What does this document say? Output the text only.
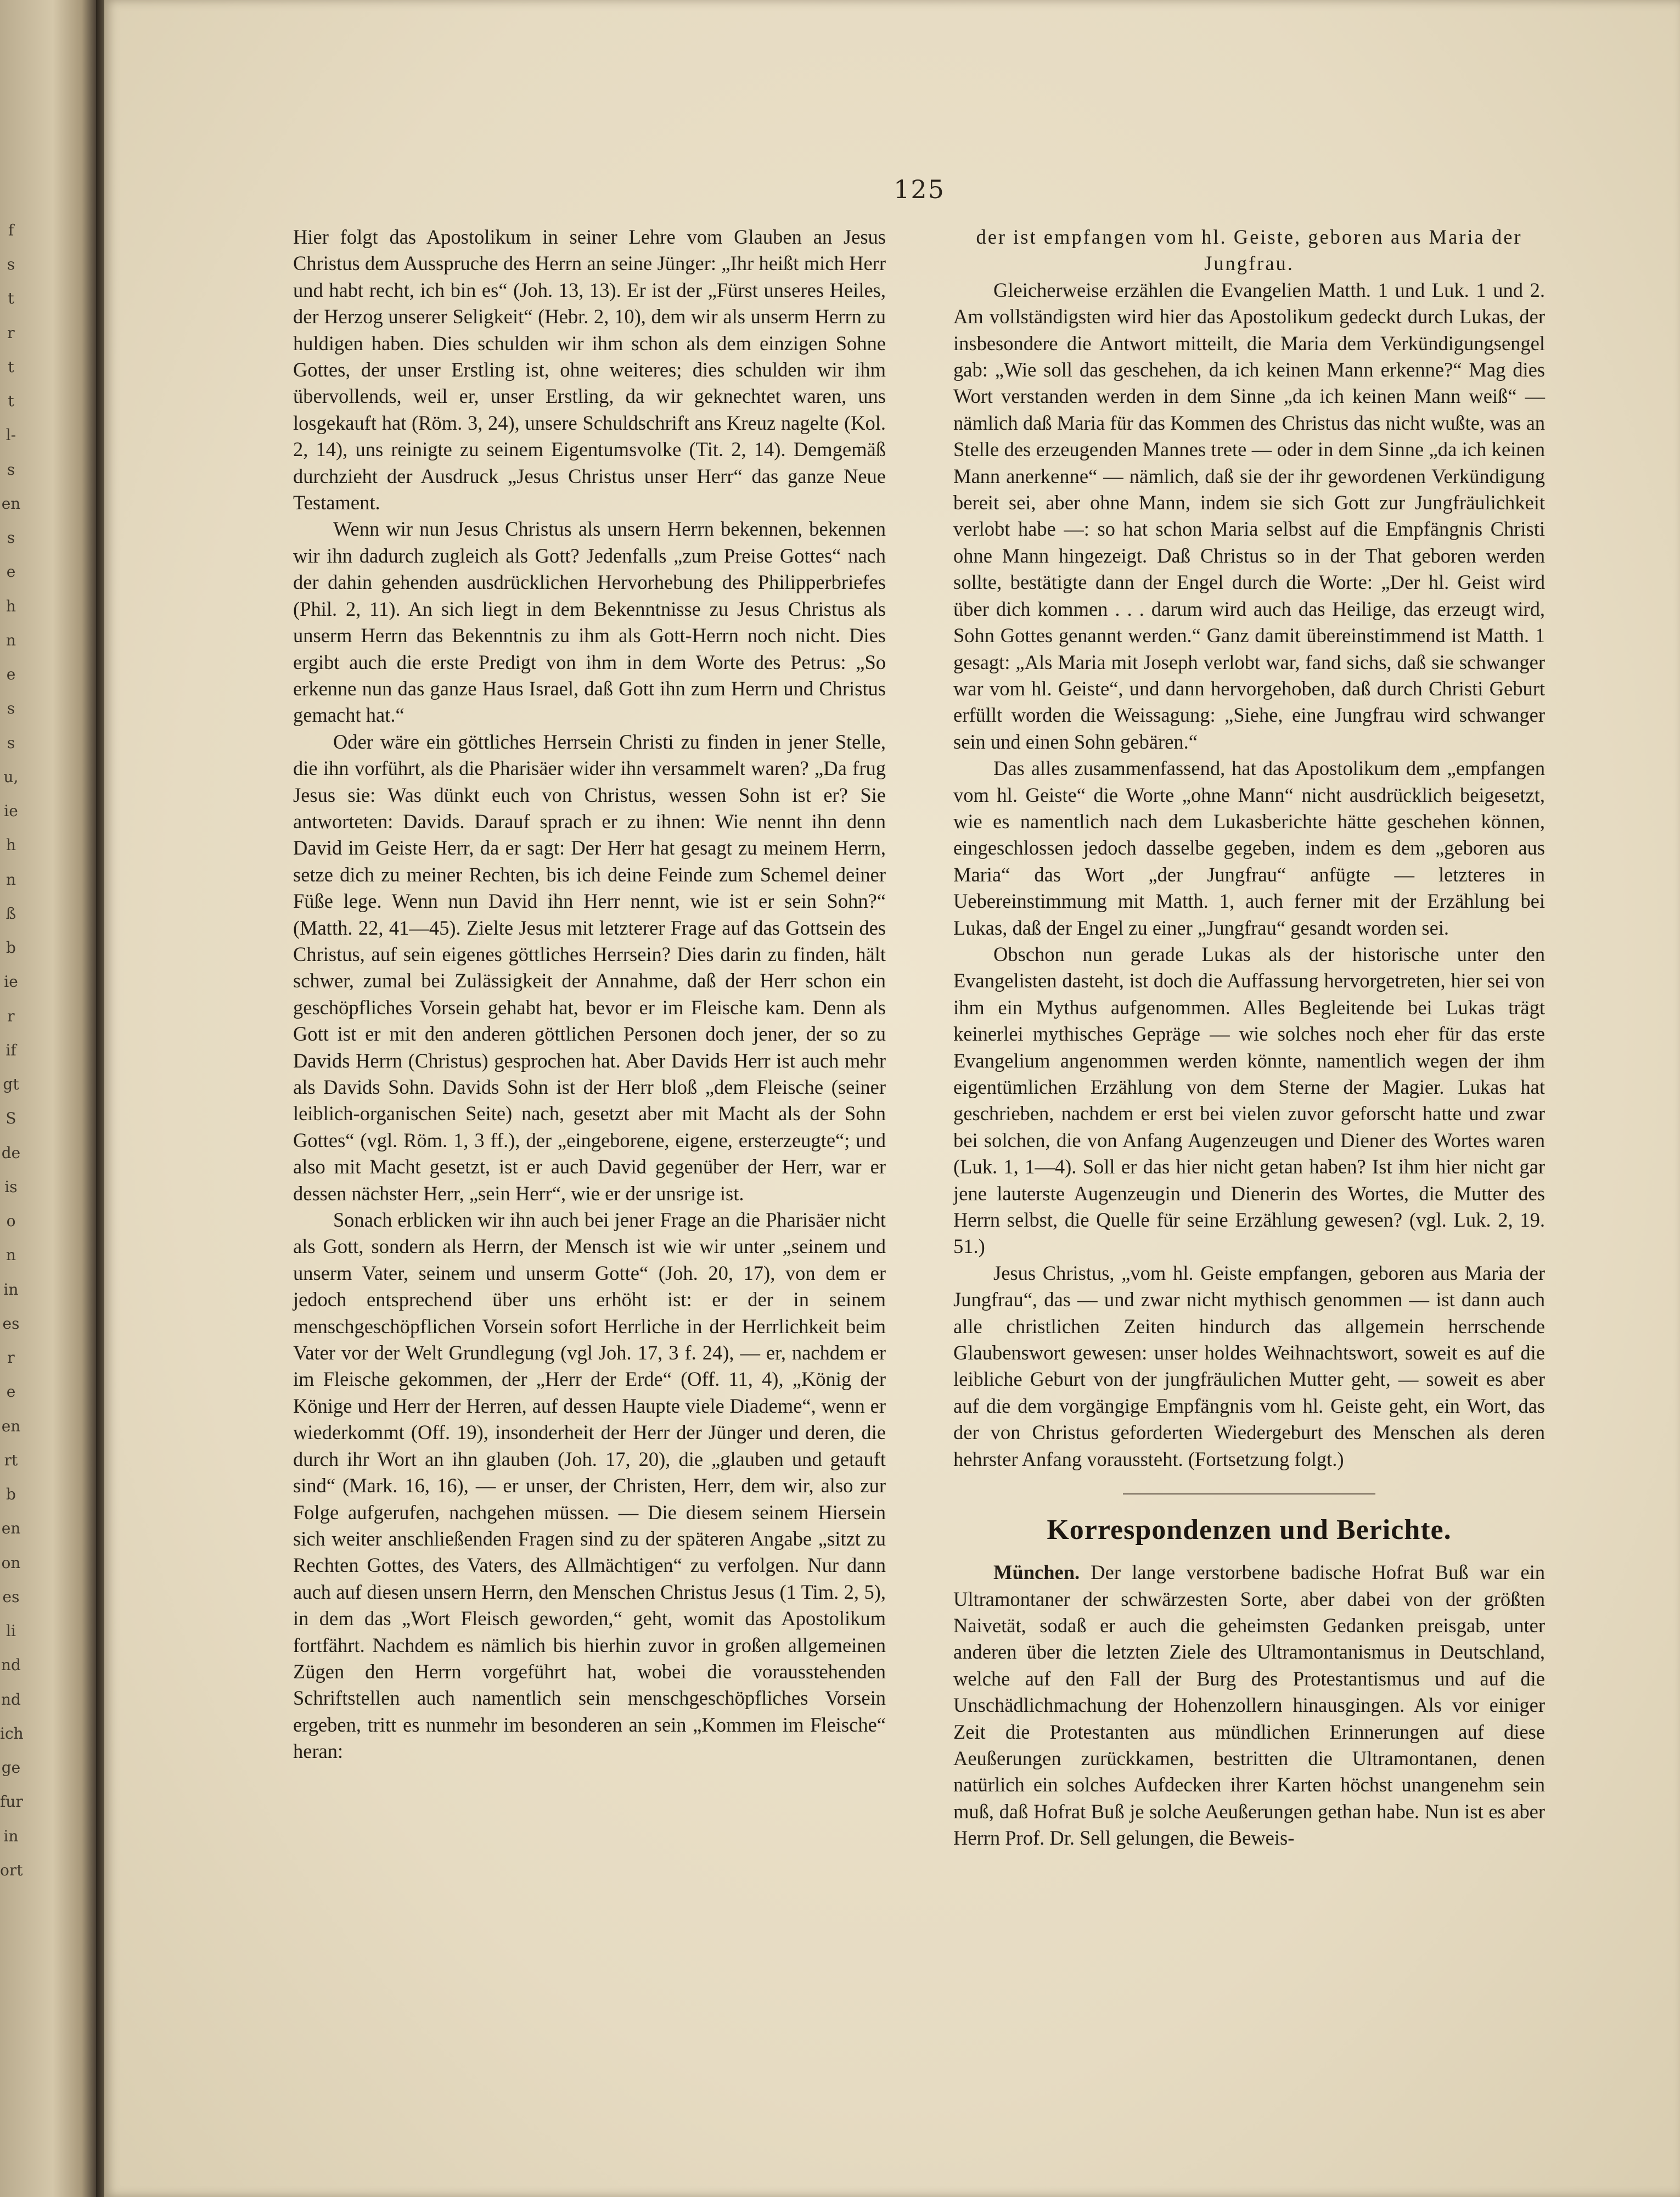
f
s
t
r
t
t
l-
s
en
s
e
h
n
e
s
s
u,
ie
h
n
ß
b
ie
r
if
gt
S
de
is
o
n
in
es
r
e
en
rt
b
en
on
es
li
nd
nd
ich
ge
fur
in
ort
125

Hier folgt das Apostolikum in seiner Lehre vom Glauben an Jesus Christus dem Ausspruche des Herrn an seine Jünger: „Ihr heißt mich Herr und habt recht, ich bin es“ (Joh. 13, 13). Er ist der „Fürst unseres Heiles, der Herzog unserer Seligkeit“ (Hebr. 2, 10), dem wir als unserm Herrn zu huldigen haben. Dies schulden wir ihm schon als dem einzigen Sohne Gottes, der unser Erstling ist, ohne weiteres; dies schulden wir ihm übervollends, weil er, unser Erstling, da wir geknechtet waren, uns losgekauft hat (Röm. 3, 24), unsere Schuldschrift ans Kreuz nagelte (Kol. 2, 14), uns reinigte zu seinem Eigentumsvolke (Tit. 2, 14). Demgemäß durchzieht der Ausdruck „Jesus Christus unser Herr“ das ganze Neue Testament.

Wenn wir nun Jesus Christus als unsern Herrn bekennen, bekennen wir ihn dadurch zugleich als Gott? Jedenfalls „zum Preise Gottes“ nach der dahin gehenden ausdrücklichen Hervorhebung des Philipperbriefes (Phil. 2, 11). An sich liegt in dem Bekenntnisse zu Jesus Christus als unserm Herrn das Bekenntnis zu ihm als Gott-Herrn noch nicht. Dies ergibt auch die erste Predigt von ihm in dem Worte des Petrus: „So erkenne nun das ganze Haus Israel, daß Gott ihn zum Herrn und Christus gemacht hat.“

Oder wäre ein göttliches Herrsein Christi zu finden in jener Stelle, die ihn vorführt, als die Pharisäer wider ihn versammelt waren? „Da frug Jesus sie: Was dünkt euch von Christus, wessen Sohn ist er? Sie antworteten: Davids. Darauf sprach er zu ihnen: Wie nennt ihn denn David im Geiste Herr, da er sagt: Der Herr hat gesagt zu meinem Herrn, setze dich zu meiner Rechten, bis ich deine Feinde zum Schemel deiner Füße lege. Wenn nun David ihn Herr nennt, wie ist er sein Sohn?“ (Matth. 22, 41—45). Zielte Jesus mit letzterer Frage auf das Gottsein des Christus, auf sein eigenes göttliches Herrsein? Dies darin zu finden, hält schwer, zumal bei Zulässigkeit der Annahme, daß der Herr schon ein geschöpfliches Vorsein gehabt hat, bevor er im Fleische kam. Denn als Gott ist er mit den anderen göttlichen Personen doch jener, der so zu Davids Herrn (Christus) gesprochen hat. Aber Davids Herr ist auch mehr als Davids Sohn. Davids Sohn ist der Herr bloß „dem Fleische (seiner leiblich-organischen Seite) nach, gesetzt aber mit Macht als der Sohn Gottes“ (vgl. Röm. 1, 3 ff.), der „eingeborene, eigene, ersterzeugte“; und also mit Macht gesetzt, ist er auch David gegenüber der Herr, war er dessen nächster Herr, „sein Herr“, wie er der unsrige ist.

Sonach erblicken wir ihn auch bei jener Frage an die Pharisäer nicht als Gott, sondern als Herrn, der Mensch ist wie wir unter „seinem und unserm Vater, seinem und unserm Gotte“ (Joh. 20, 17), von dem er jedoch entsprechend über uns erhöht ist: er der in seinem menschgeschöpflichen Vorsein sofort Herrliche in der Herrlichkeit beim Vater vor der Welt Grundlegung (vgl Joh. 17, 3 f. 24), — er, nachdem er im Fleische gekommen, der „Herr der Erde“ (Off. 11, 4), „König der Könige und Herr der Herren, auf dessen Haupte viele Diademe“, wenn er wiederkommt (Off. 19), insonderheit der Herr der Jünger und deren, die durch ihr Wort an ihn glauben (Joh. 17, 20), die „glauben und getauft sind“ (Mark. 16, 16), — er unser, der Christen, Herr, dem wir, also zur Folge aufgerufen, nachgehen müssen. — Die diesem seinem Hiersein sich weiter anschließenden Fragen sind zu der späteren Angabe „sitzt zu Rechten Gottes, des Vaters, des Allmächtigen“ zu verfolgen. Nur dann auch auf diesen unsern Herrn, den Menschen Christus Jesus (1 Tim. 2, 5), in dem das „Wort Fleisch geworden,“ geht, womit das Apostolikum fortfährt. Nachdem es nämlich bis hierhin zuvor in großen allgemeinen Zügen den Herrn vorgeführt hat, wobei die vorausstehenden Schriftstellen auch namentlich sein menschgeschöpfliches Vorsein ergeben, tritt es nunmehr im besonderen an sein „Kommen im Fleische“ heran:

der ist empfangen vom hl. Geiste, geboren aus Maria der Jungfrau.

Gleicherweise erzählen die Evangelien Matth. 1 und Luk. 1 und 2. Am vollständigsten wird hier das Apostolikum gedeckt durch Lukas, der insbesondere die Antwort mitteilt, die Maria dem Verkündigungsengel gab: „Wie soll das geschehen, da ich keinen Mann erkenne?“ Mag dies Wort verstanden werden in dem Sinne „da ich keinen Mann weiß“ — nämlich daß Maria für das Kommen des Christus das nicht wußte, was an Stelle des erzeugenden Mannes trete — oder in dem Sinne „da ich keinen Mann anerkenne“ — nämlich, daß sie der ihr gewordenen Verkündigung bereit sei, aber ohne Mann, indem sie sich Gott zur Jungfräulichkeit verlobt habe —: so hat schon Maria selbst auf die Empfängnis Christi ohne Mann hingezeigt. Daß Christus so in der That geboren werden sollte, bestätigte dann der Engel durch die Worte: „Der hl. Geist wird über dich kommen . . . darum wird auch das Heilige, das erzeugt wird, Sohn Gottes genannt werden.“ Ganz damit übereinstimmend ist Matth. 1 gesagt: „Als Maria mit Joseph verlobt war, fand sichs, daß sie schwanger war vom hl. Geiste“, und dann hervorgehoben, daß durch Christi Geburt erfüllt worden die Weissagung: „Siehe, eine Jungfrau wird schwanger sein und einen Sohn gebären.“

Das alles zusammenfassend, hat das Apostolikum dem „empfangen vom hl. Geiste“ die Worte „ohne Mann“ nicht ausdrücklich beigesetzt, wie es namentlich nach dem Lukasberichte hätte geschehen können, eingeschlossen jedoch dasselbe gegeben, indem es dem „geboren aus Maria“ das Wort „der Jungfrau“ anfügte — letzteres in Uebereinstimmung mit Matth. 1, auch ferner mit der Erzählung bei Lukas, daß der Engel zu einer „Jungfrau“ gesandt worden sei.

Obschon nun gerade Lukas als der historische unter den Evangelisten dasteht, ist doch die Auffassung hervorgetreten, hier sei von ihm ein Mythus aufgenommen. Alles Begleitende bei Lukas trägt keinerlei mythisches Gepräge — wie solches noch eher für das erste Evangelium angenommen werden könnte, namentlich wegen der ihm eigentümlichen Erzählung von dem Sterne der Magier. Lukas hat geschrieben, nachdem er erst bei vielen zuvor geforscht hatte und zwar bei solchen, die von Anfang Augenzeugen und Diener des Wortes waren (Luk. 1, 1—4). Soll er das hier nicht getan haben? Ist ihm hier nicht gar jene lauterste Augenzeugin und Dienerin des Wortes, die Mutter des Herrn selbst, die Quelle für seine Erzählung gewesen? (vgl. Luk. 2, 19. 51.)

Jesus Christus, „vom hl. Geiste empfangen, geboren aus Maria der Jungfrau“, das — und zwar nicht mythisch genommen — ist dann auch alle christlichen Zeiten hindurch das allgemein herrschende Glaubenswort gewesen: unser holdes Weihnachtswort, soweit es auf die leibliche Geburt von der jungfräulichen Mutter geht, — soweit es aber auf die dem vorgängige Empfängnis vom hl. Geiste geht, ein Wort, das der von Christus geforderten Wiedergeburt des Menschen als deren hehrster Anfang voraussteht. (Fortsetzung folgt.)

Korrespondenzen und Berichte.

München. Der lange verstorbene badische Hofrat Buß war ein Ultramontaner der schwärzesten Sorte, aber dabei von der größten Naivetät, sodaß er auch die geheimsten Gedanken preisgab, unter anderen über die letzten Ziele des Ultramontanismus in Deutschland, welche auf den Fall der Burg des Protestantismus und auf die Unschädlichmachung der Hohenzollern hinausgingen. Als vor einiger Zeit die Protestanten aus mündlichen Erinnerungen auf diese Aeußerungen zurückkamen, bestritten die Ultramontanen, denen natürlich ein solches Aufdecken ihrer Karten höchst unangenehm sein muß, daß Hofrat Buß je solche Aeußerungen gethan habe. Nun ist es aber Herrn Prof. Dr. Sell gelungen, die Beweis-
